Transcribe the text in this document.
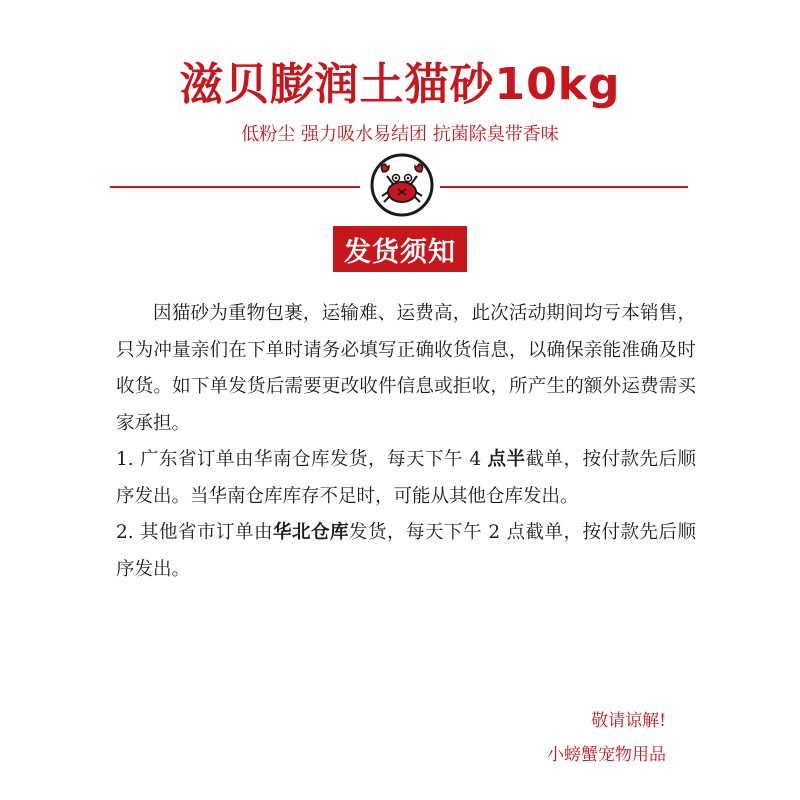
滋贝膨润土猫砂10kg
低粉尘 强力吸水易结团 抗菌除臭带香味
发货须知

因猫砂为重物包裹，运输难、运费高，此次活动期间均亏本销售，只为冲量亲们在下单时请务必填写正确收货信息，以确保亲能准确及时收货。如下单发货后需要更改收件信息或拒收，所产生的额外运费需买家承担。

1. 广东省订单由华南仓库发货，每天下午 4 点半截单，按付款先后顺序发出。当华南仓库库存不足时，可能从其他仓库发出。

2. 其他省市订单由华北仓库发货，每天下午 2 点截单，按付款先后顺序发出。

敬请谅解!
小螃蟹宠物用品
